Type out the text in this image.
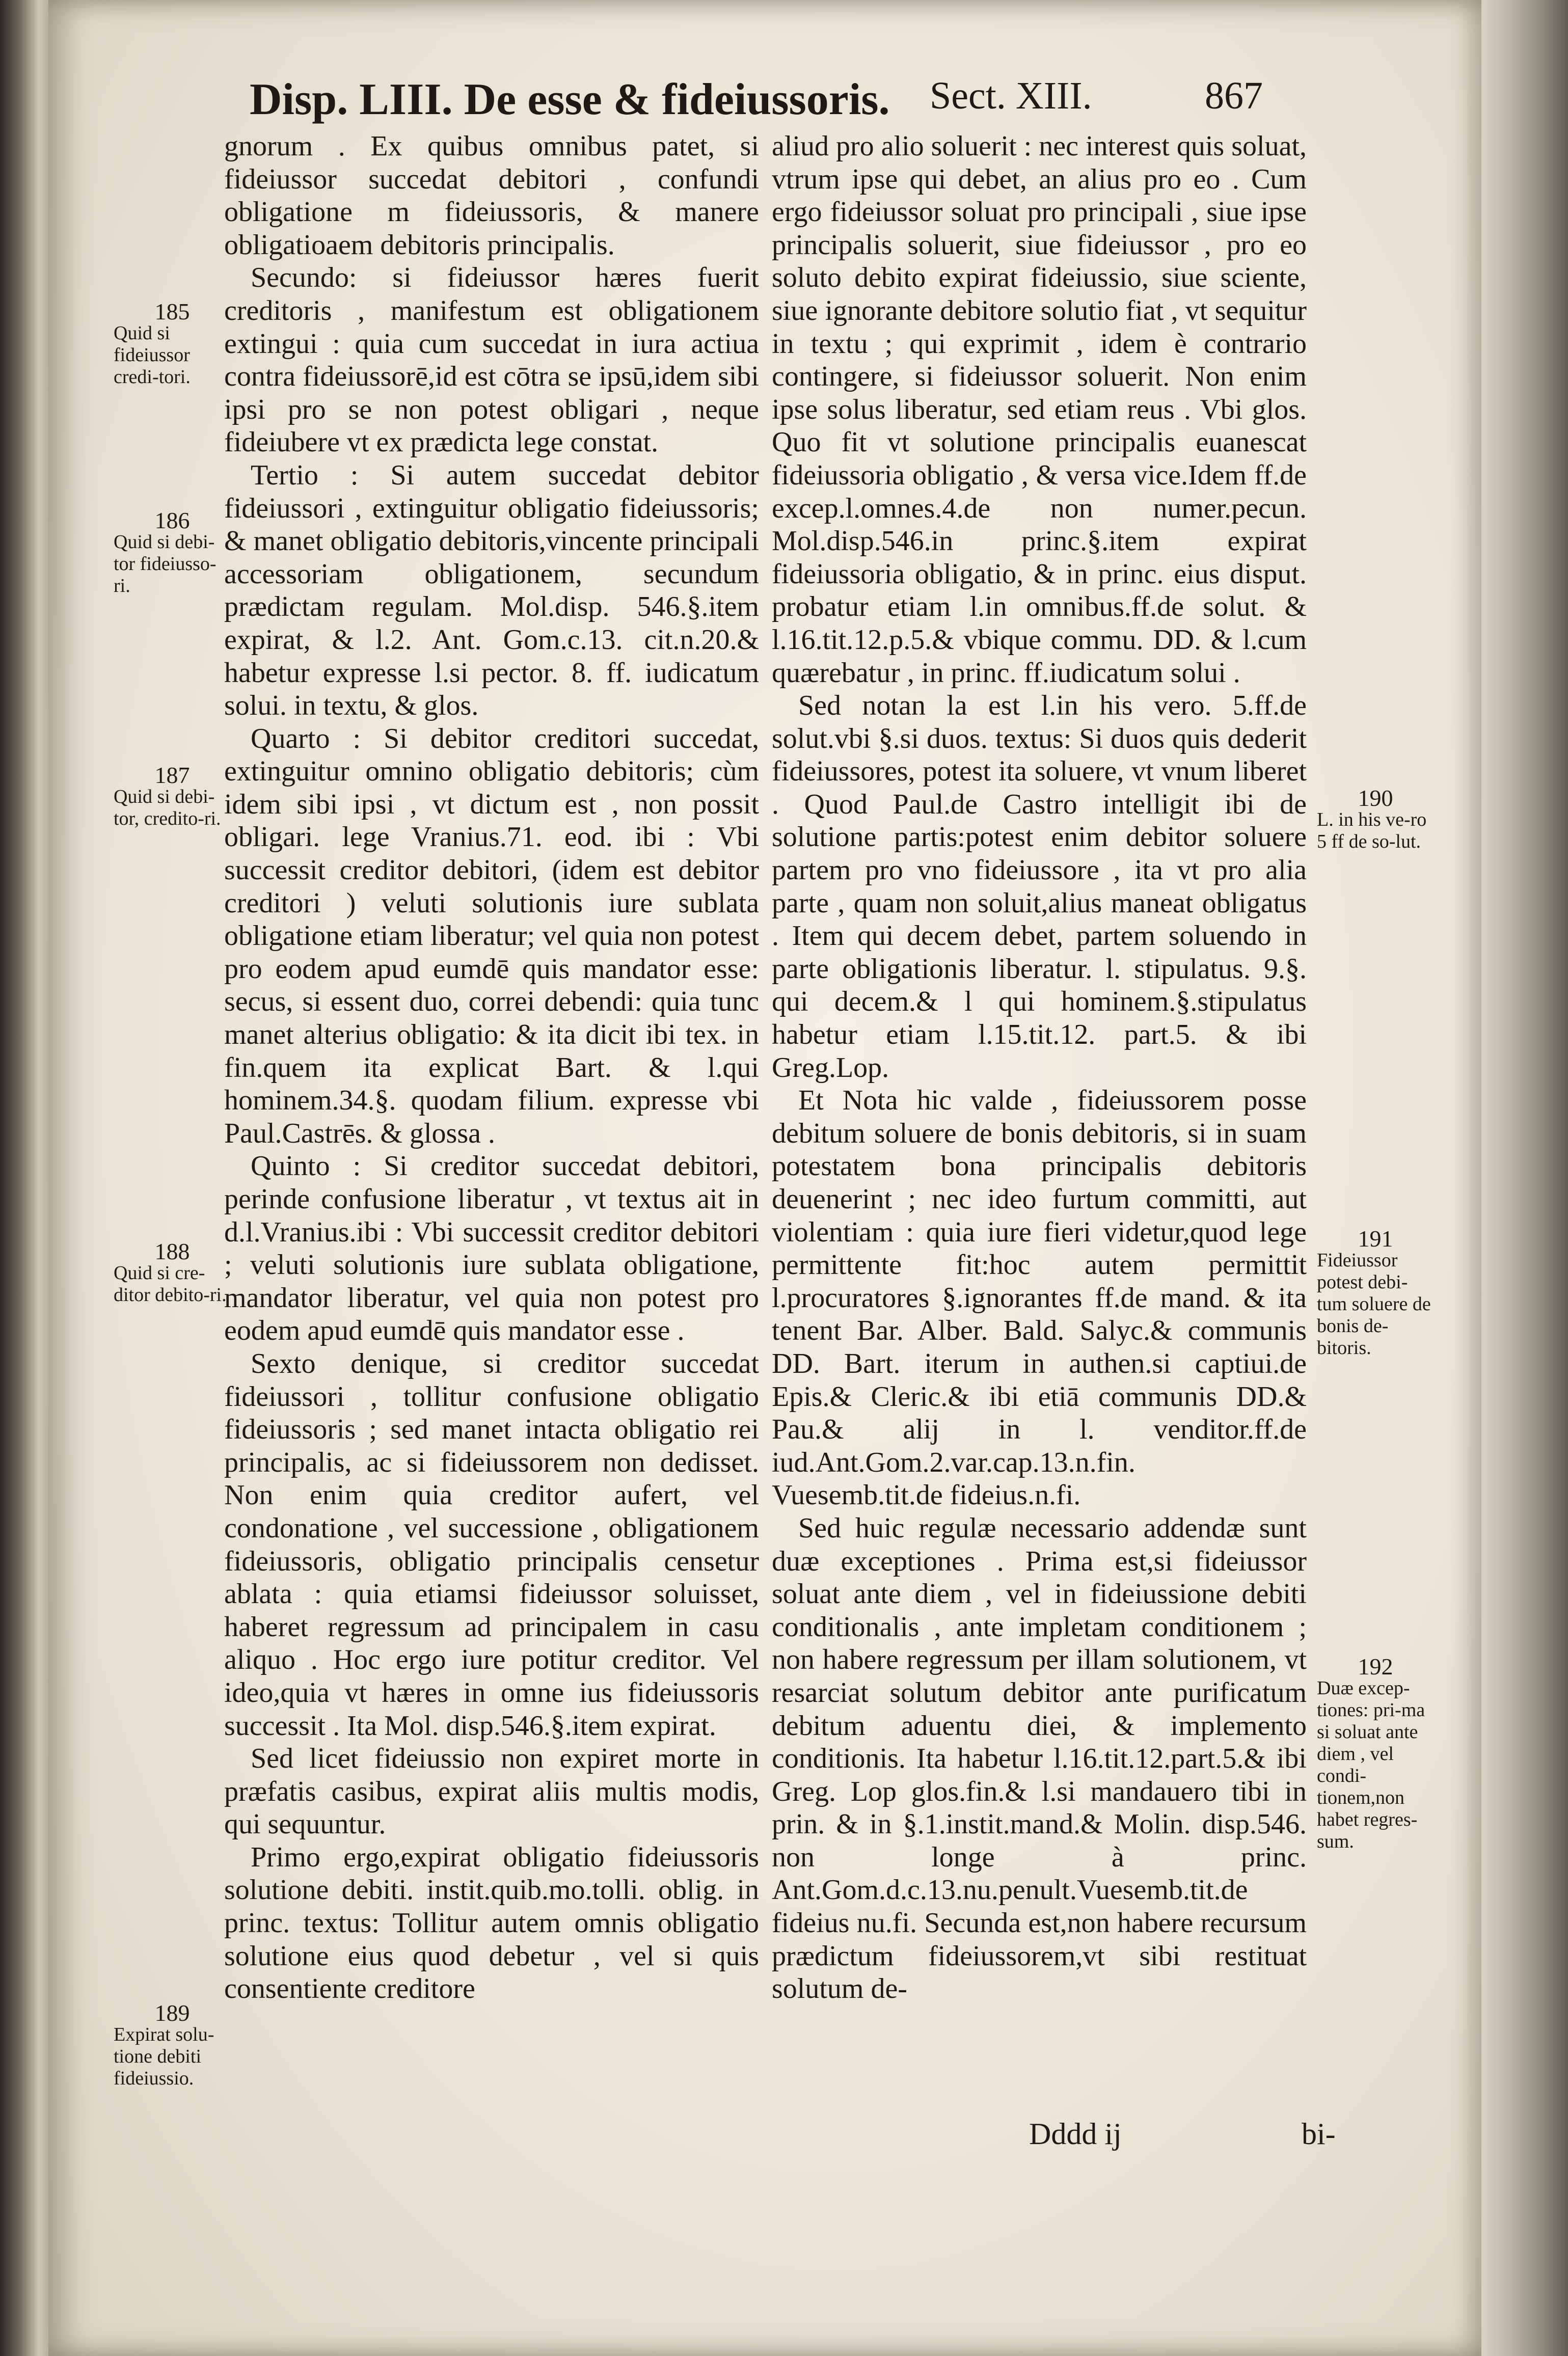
Disp. LIII. De esse & fideiussoris. Sect. XIII.	867

gnorum . Ex quibus omnibus patet, si fideiussor succedat debitori , confundi obligatione m fideiussoris, & manere obligatioaem debitoris principalis.

Secundo: si fideiussor hæres fuerit creditoris , manifestum est obligationem extingui : quia cum succedat in iura actiua contra fideiussorē,id est cōtra se ipsū,idem sibi ipsi pro se non potest obligari , neque fideiubere vt ex prædicta lege constat.

Tertio : Si autem succedat debitor fideiussori , extinguitur obligatio fideiussoris; & manet obligatio debitoris,vincente principali accessoriam obligationem, secundum prædictam regulam. Mol.disp. 546.§.item expirat, & l.2. Ant. Gom.c.13. cit.n.20.& habetur expresse l.si pector. 8. ff. iudicatum solui. in textu, & glos.

Quarto : Si debitor creditori succedat, extinguitur omnino obligatio debitoris; cùm idem sibi ipsi , vt dictum est , non possit obligari. lege Vranius.71. eod. ibi : Vbi successit creditor debitori, (idem est debitor creditori ) veluti solutionis iure sublata obligatione etiam liberatur; vel quia non potest pro eodem apud eumdē quis mandator esse: secus, si essent duo, correi debendi: quia tunc manet alterius obligatio: & ita dicit ibi tex. in fin.quem ita explicat Bart. & l.qui hominem.34.§. quodam filium. expresse vbi Paul.Castrēs. & glossa .

Quinto : Si creditor succedat debitori, perinde confusione liberatur , vt textus ait in d.l.Vranius.ibi : Vbi successit creditor debitori ; veluti solutionis iure sublata obligatione, mandator liberatur, vel quia non potest pro eodem apud eumdē quis mandator esse .

Sexto denique, si creditor succedat fideiussori , tollitur confusione obligatio fideiussoris ; sed manet intacta obligatio rei principalis, ac si fideiussorem non dedisset. Non enim quia creditor aufert, vel condonatione , vel successione , obligationem fideiussoris, obligatio principalis censetur ablata : quia etiamsi fideiussor soluisset, haberet regressum ad principalem in casu aliquo . Hoc ergo iure potitur creditor. Vel ideo,quia vt hæres in omne ius fideiussoris successit . Ita Mol. disp.546.§.item expirat.

Sed licet fideiussio non expiret morte in præfatis casibus, expirat aliis multis modis, qui sequuntur.

Primo ergo,expirat obligatio fideiussoris solutione debiti. instit.quib.mo.tolli. oblig. in princ. textus: Tollitur autem omnis obligatio solutione eius quod debetur , vel si quis consentiente creditore

aliud pro alio soluerit : nec interest quis soluat, vtrum ipse qui debet, an alius pro eo . Cum ergo fideiussor soluat pro principali , siue ipse principalis soluerit, siue fideiussor , pro eo soluto debito expirat fideiussio, siue sciente, siue ignorante debitore solutio fiat , vt sequitur in textu ; qui exprimit , idem è contrario contingere, si fideiussor soluerit. Non enim ipse solus liberatur, sed etiam reus . Vbi glos. Quo fit vt solutione principalis euanescat fideiussoria obligatio , & versa vice.Idem ff.de excep.l.omnes.4.de non numer.pecun. Mol.disp.546.in princ.§.item expirat fideiussoria obligatio, & in princ. eius disput. probatur etiam l.in omnibus.ff.de solut. & l.16.tit.12.p.5.& vbique commu. DD. & l.cum quærebatur , in princ. ff.iudicatum solui .

Sed notan la est l.in his vero. 5.ff.de solut.vbi §.si duos. textus: Si duos quis dederit fideiussores, potest ita soluere, vt vnum liberet . Quod Paul.de Castro intelligit ibi de solutione partis:potest enim debitor soluere partem pro vno fideiussore , ita vt pro alia parte , quam non soluit,alius maneat obligatus . Item qui decem debet, partem soluendo in parte obligationis liberatur. l. stipulatus. 9.§. qui decem.& l qui hominem.§.stipulatus habetur etiam l.15.tit.12. part.5. & ibi Greg.Lop.

Et Nota hic valde , fideiussorem posse debitum soluere de bonis debitoris, si in suam potestatem bona principalis debitoris deuenerint ; nec ideo furtum committi, aut violentiam : quia iure fieri videtur,quod lege permittente fit:hoc autem permittit l.procuratores §.ignorantes ff.de mand. & ita tenent Bar. Alber. Bald. Salyc.& communis DD. Bart. iterum in authen.si captiui.de Epis.& Cleric.& ibi etiā communis DD.& Pau.& alij in l. venditor.ff.de iud.Ant.Gom.2.var.cap.13.n.fin. Vuesemb.tit.de fideius.n.fi.

Sed huic regulæ necessario addendæ sunt duæ exceptiones . Prima est,si fideiussor soluat ante diem , vel in fideiussione debiti conditionalis , ante impletam conditionem ; non habere regressum per illam solutionem, vt resarciat solutum debitor ante purificatum debitum aduentu diei, & implemento conditionis. Ita habetur l.16.tit.12.part.5.& ibi Greg. Lop glos.fin.& l.si mandauero tibi in prin. & in §.1.instit.mand.& Molin. disp.546. non longe à princ. Ant.Gom.d.c.13.nu.penult.Vuesemb.tit.de fideius nu.fi. Secunda est,non habere recursum prædictum fideiussorem,vt sibi restituat solutum de-

185
Quid si fideiussor credi-tori.
186
Quid si debi-tor fideiusso-ri.
187
Quid si debi-tor, credito-ri.
188
Quid si cre-ditor debito-ri.
189
Expirat solu-tione debiti fideiussio.
190
L. in his ve-ro 5 ff de so-lut.
191
Fideiussor potest debi-tum soluere de bonis de-bitoris.
192
Duæ excep-tiones: pri-ma si soluat ante diem , vel condi-tionem,non habet regres-sum.
Dddd ij	bi-
